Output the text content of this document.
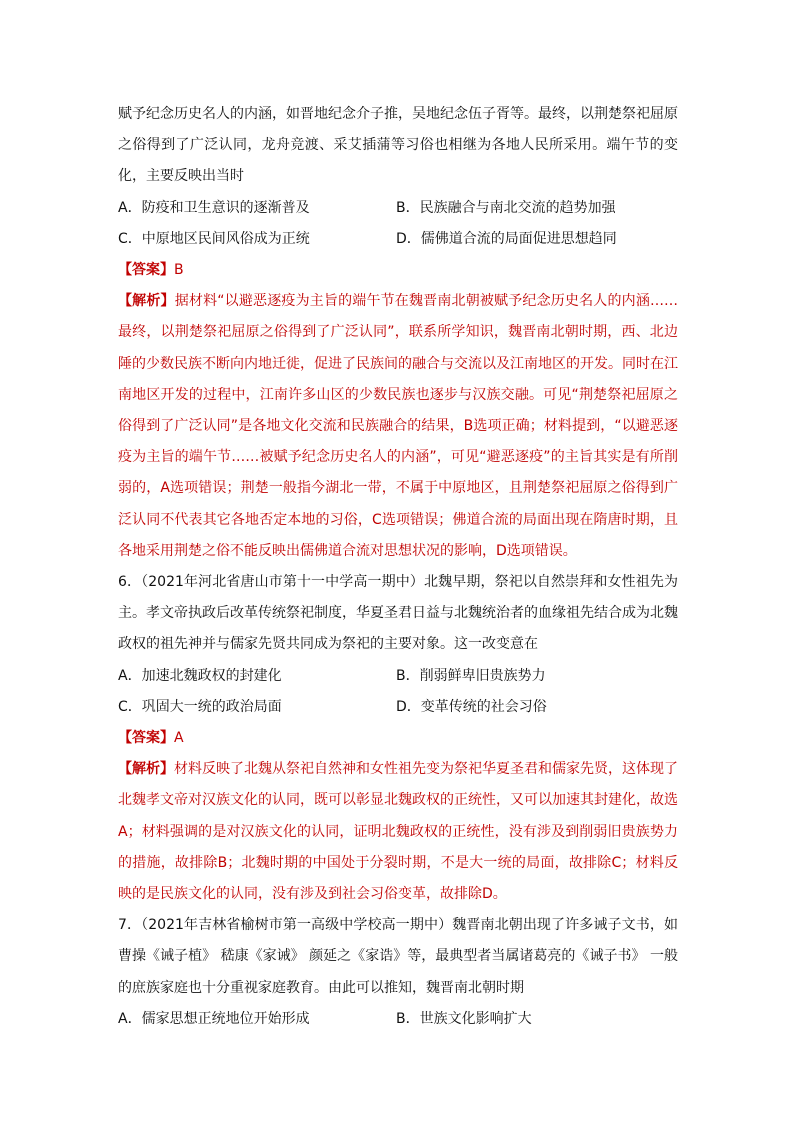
赋予纪念历史名人的内涵，如晋地纪念介子推，吴地纪念伍子胥等。最终，以荆楚祭祀屈原之俗得到了广泛认同，龙舟竞渡、采艾插蒲等习俗也相继为各地人民所采用。端午节的变化，主要反映出当时

A．防疫和卫生意识的逐渐普及	B．民族融合与南北交流的趋势加强
C．中原地区民间风俗成为正统	D．儒佛道合流的局面促进思想趋同

【答案】B

【解析】据材料“以避恶逐疫为主旨的端午节在魏晋南北朝被赋予纪念历史名人的内涵……最终，以荆楚祭祀屈原之俗得到了广泛认同”，联系所学知识，魏晋南北朝时期，西、北边陲的少数民族不断向内地迁徙，促进了民族间的融合与交流以及江南地区的开发。同时在江南地区开发的过程中，江南许多山区的少数民族也逐步与汉族交融。可见“荆楚祭祀屈原之俗得到了广泛认同”是各地文化交流和民族融合的结果，B选项正确；材料提到，“以避恶逐疫为主旨的端午节……被赋予纪念历史名人的内涵”，可见“避恶逐疫”的主旨其实是有所削弱的，A选项错误；荆楚一般指今湖北一带，不属于中原地区，且荆楚祭祀屈原之俗得到广泛认同不代表其它各地否定本地的习俗，C选项错误；佛道合流的局面出现在隋唐时期，且各地采用荆楚之俗不能反映出儒佛道合流对思想状况的影响，D选项错误。

6．（2021年河北省唐山市第十一中学高一期中）北魏早期，祭祀以自然崇拜和女性祖先为主。孝文帝执政后改革传统祭祀制度，华夏圣君日益与北魏统治者的血缘祖先结合成为北魏政权的祖先神并与儒家先贤共同成为祭祀的主要对象。这一改变意在

A．加速北魏政权的封建化	B．削弱鲜卑旧贵族势力
C．巩固大一统的政治局面	D．变革传统的社会习俗

【答案】A

【解析】材料反映了北魏从祭祀自然神和女性祖先变为祭祀华夏圣君和儒家先贤，这体现了北魏孝文帝对汉族文化的认同，既可以彰显北魏政权的正统性，又可以加速其封建化，故选A；材料强调的是对汉族文化的认同，证明北魏政权的正统性，没有涉及到削弱旧贵族势力的措施，故排除B；北魏时期的中国处于分裂时期，不是大一统的局面，故排除C；材料反映的是民族文化的认同，没有涉及到社会习俗变革，故排除D。

7．（2021年吉林省榆树市第一高级中学校高一期中）魏晋南北朝出现了许多诫子文书，如曹操《诫子植》 嵇康《家诫》 颜延之《家诰》等，最典型者当属诸葛亮的《诫子书》 一般的庶族家庭也十分重视家庭教育。由此可以推知，魏晋南北朝时期

A．儒家思想正统地位开始形成	B．世族文化影响扩大
